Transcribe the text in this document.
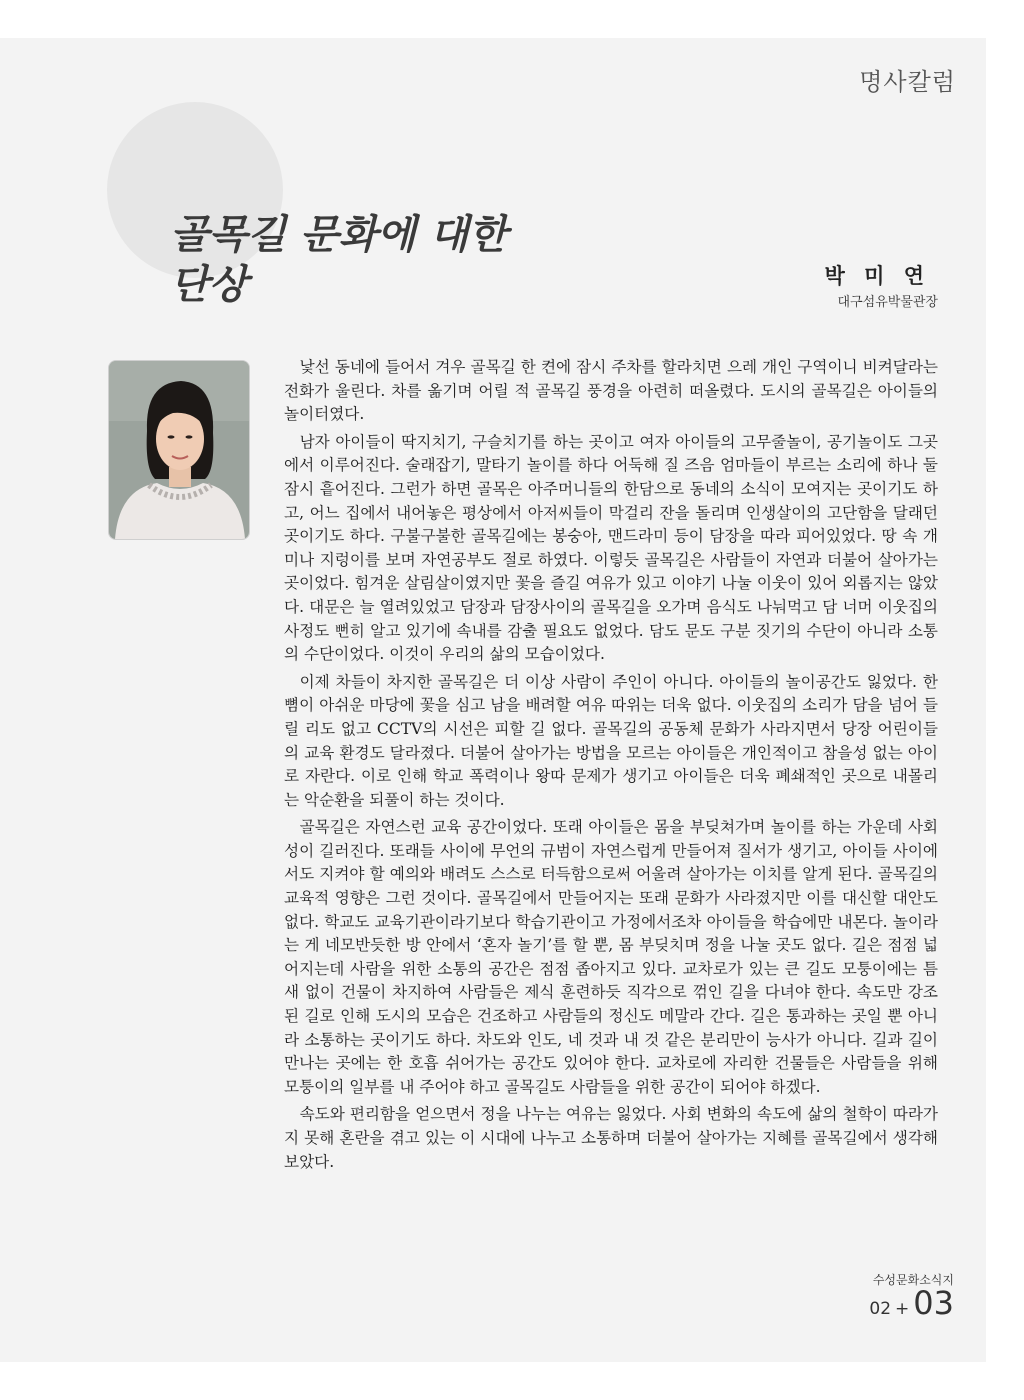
명사칼럼
골목길 문화에 대한
단상	박 미 연
대구섬유박물관장

낯선 동네에 들어서 겨우 골목길 한 켠에 잠시 주차를 할라치면 으레 개인 구역이니 비켜달라는 전화가 울린다. 차를 옮기며 어릴 적 골목길 풍경을 아련히 떠올렸다. 도시의 골목길은 아이들의 놀이터였다.

남자 아이들이 딱지치기, 구슬치기를 하는 곳이고 여자 아이들의 고무줄놀이, 공기놀이도 그곳에서 이루어진다. 술래잡기, 말타기 놀이를 하다 어둑해 질 즈음 엄마들이 부르는 소리에 하나 둘 잠시 흩어진다. 그런가 하면 골목은 아주머니들의 한담으로 동네의 소식이 모여지는 곳이기도 하고, 어느 집에서 내어놓은 평상에서 아저씨들이 막걸리 잔을 돌리며 인생살이의 고단함을 달래던 곳이기도 하다. 구불구불한 골목길에는 봉숭아, 맨드라미 등이 담장을 따라 피어있었다. 땅 속 개미나 지렁이를 보며 자연공부도 절로 하였다. 이렇듯 골목길은 사람들이 자연과 더불어 살아가는 곳이었다. 힘겨운 살림살이였지만 꽃을 즐길 여유가 있고 이야기 나눌 이웃이 있어 외롭지는 않았다. 대문은 늘 열려있었고 담장과 담장사이의 골목길을 오가며 음식도 나눠먹고 담 너머 이웃집의 사정도 뻔히 알고 있기에 속내를 감출 필요도 없었다. 담도 문도 구분 짓기의 수단이 아니라 소통의 수단이었다. 이것이 우리의 삶의 모습이었다.

이제 차들이 차지한 골목길은 더 이상 사람이 주인이 아니다. 아이들의 놀이공간도 잃었다. 한 뼘이 아쉬운 마당에 꽃을 심고 남을 배려할 여유 따위는 더욱 없다. 이웃집의 소리가 담을 넘어 들릴 리도 없고 CCTV의 시선은 피할 길 없다. 골목길의 공동체 문화가 사라지면서 당장 어린이들의 교육 환경도 달라졌다. 더불어 살아가는 방법을 모르는 아이들은 개인적이고 참을성 없는 아이로 자란다. 이로 인해 학교 폭력이나 왕따 문제가 생기고 아이들은 더욱 폐쇄적인 곳으로 내몰리는 악순환을 되풀이 하는 것이다.

골목길은 자연스런 교육 공간이었다. 또래 아이들은 몸을 부딪쳐가며 놀이를 하는 가운데 사회성이 길러진다. 또래들 사이에 무언의 규범이 자연스럽게 만들어져 질서가 생기고, 아이들 사이에서도 지켜야 할 예의와 배려도 스스로 터득함으로써 어울려 살아가는 이치를 알게 된다. 골목길의 교육적 영향은 그런 것이다. 골목길에서 만들어지는 또래 문화가 사라졌지만 이를 대신할 대안도 없다. 학교도 교육기관이라기보다 학습기관이고 가정에서조차 아이들을 학습에만 내몬다. 놀이라는 게 네모반듯한 방 안에서 ‘혼자 놀기’를 할 뿐, 몸 부딪치며 정을 나눌 곳도 없다. 길은 점점 넓어지는데 사람을 위한 소통의 공간은 점점 좁아지고 있다. 교차로가 있는 큰 길도 모퉁이에는 틈새 없이 건물이 차지하여 사람들은 제식 훈련하듯 직각으로 꺾인 길을 다녀야 한다. 속도만 강조된 길로 인해 도시의 모습은 건조하고 사람들의 정신도 메말라 간다. 길은 통과하는 곳일 뿐 아니라 소통하는 곳이기도 하다. 차도와 인도, 네 것과 내 것 같은 분리만이 능사가 아니다. 길과 길이 만나는 곳에는 한 호흡 쉬어가는 공간도 있어야 한다. 교차로에 자리한 건물들은 사람들을 위해 모퉁이의 일부를 내 주어야 하고 골목길도 사람들을 위한 공간이 되어야 하겠다.

속도와 편리함을 얻으면서 정을 나누는 여유는 잃었다. 사회 변화의 속도에 삶의 철학이 따라가지 못해 혼란을 겪고 있는 이 시대에 나누고 소통하며 더불어 살아가는 지혜를 골목길에서 생각해 보았다.

수성문화소식지
02 + 03
